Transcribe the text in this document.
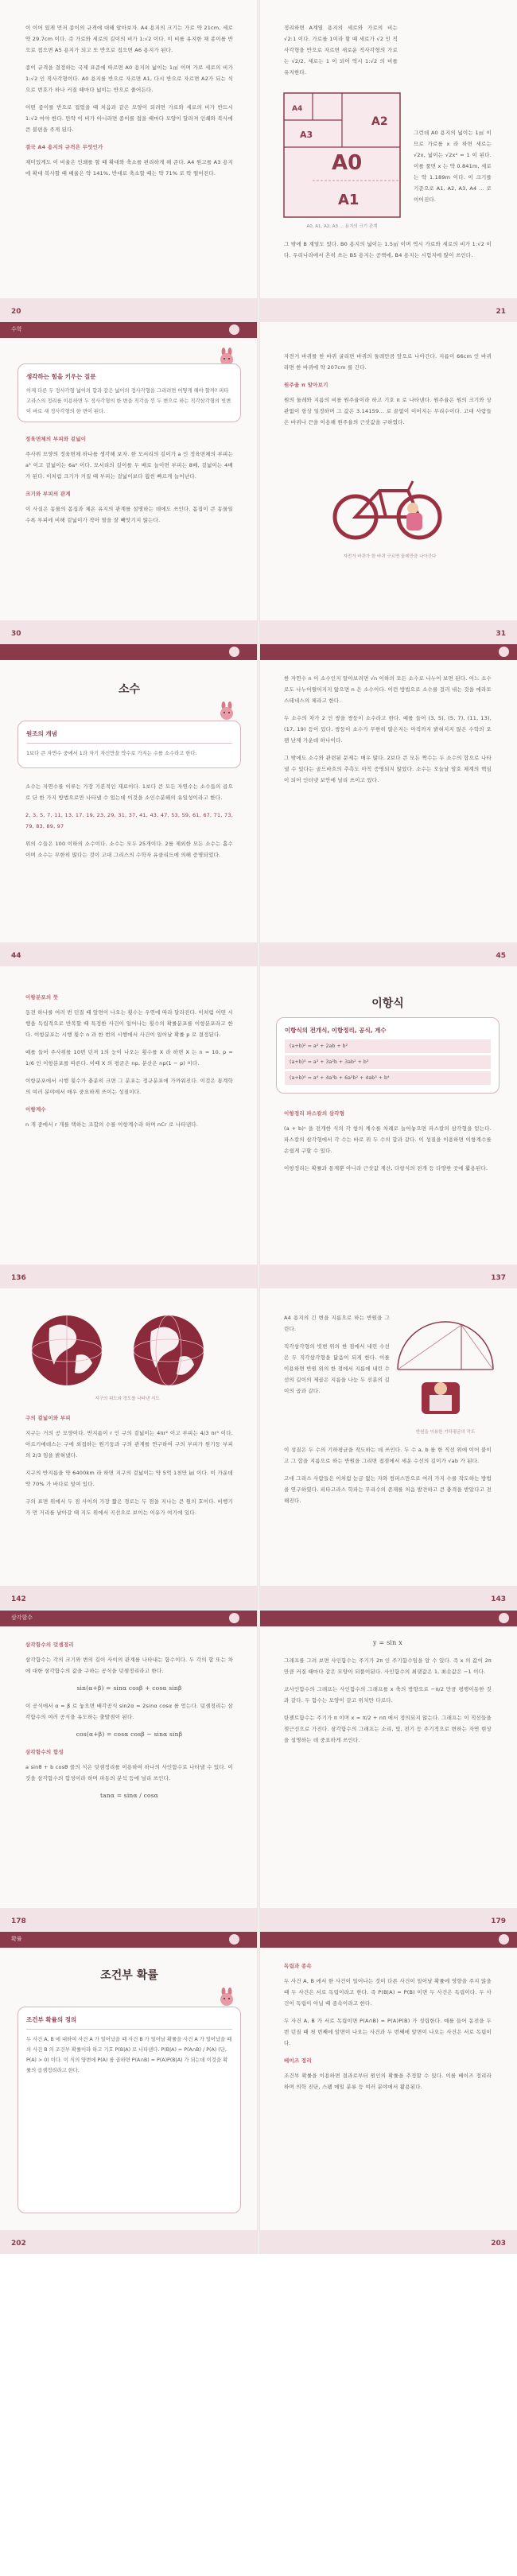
이 이어 있게 먼저 종이의 규격에 대해 알아보자. A4 용지의 크기는 가로 약 21cm, 세로 약 29.7cm 이다. 즉 가로와 세로의 길이의 비가 1:√2 이다. 이 비를 유지한 채 종이를 반으로 접으면 A5 용지가 되고 또 반으로 접으면 A6 용지가 된다.

종이 규격을 결정하는 국제 표준에 따르면 A0 용지의 넓이는 1㎡ 이며 가로 세로의 비가 1:√2 인 직사각형이다. A0 용지를 반으로 자르면 A1, 다시 반으로 자르면 A2가 되는 식으로 번호가 하나 커질 때마다 넓이는 반으로 줄어든다.

어떤 종이를 반으로 접었을 때 처음과 같은 모양이 되려면 가로와 세로의 비가 반드시 1:√2 여야 한다. 만약 이 비가 아니라면 종이를 접을 때마다 모양이 달라져 인쇄와 복사에 큰 불편을 주게 된다.

결국 A4 용지의 규격은 무엇인가

재미있게도 이 비율은 인쇄를 할 때 확대와 축소를 편리하게 해 준다. A4 원고를 A3 용지에 확대 복사할 때 배율은 약 141%, 반대로 축소할 때는 약 71% 로 딱 떨어진다.

20

정리하면 A계열 용지의 세로와 가로의 비는 √2:1 이다. 가로를 1이라 할 때 세로가 √2 인 직사각형을 반으로 자르면 새로운 직사각형의 가로는 √2/2, 세로는 1 이 되어 역시 1:√2 의 비를 유지한다.

그런데 A0 용지의 넓이는 1㎡ 이므로 가로를 x 라 하면 세로는 √2x, 넓이는 √2x² = 1 이 된다. 이를 풀면 x 는 약 0.841m, 세로는 약 1.189m 이다. 이 크기를 기준으로 A1, A2, A3, A4 ... 로 이어진다.

그 밖에 B 계열도 있다. B0 용지의 넓이는 1.5㎡ 이며 역시 가로와 세로의 비가 1:√2 이다. 우리나라에서 흔히 쓰는 B5 용지는 공책에, B4 용지는 시험지에 많이 쓰인다.

A2
A3
A4
A0
A1
A0, A1, A2, A3 ... 용지의 크기 관계
21
수학
생각하는 힘을 키우는 질문
이제 다른 두 정사각형 넓이의 합과 같은 넓이의 정사각형을 그리려면 어떻게 해야 할까? 피타고라스의 정리를 이용하면 두 정사각형의 한 변을 직각을 낀 두 변으로 하는 직각삼각형의 빗변이 바로 새 정사각형의 한 변이 된다.
정육면체의 부피와 겉넓이

주사위 모양의 정육면체 하나를 생각해 보자. 한 모서리의 길이가 a 인 정육면체의 부피는 a³ 이고 겉넓이는 6a² 이다. 모서리의 길이를 두 배로 늘이면 부피는 8배, 겉넓이는 4배가 된다. 이처럼 크기가 커질 때 부피는 겉넓이보다 훨씬 빠르게 늘어난다.

크기와 부피의 관계

이 사실은 동물의 몸집과 체온 유지의 관계를 설명하는 데에도 쓰인다. 몸집이 큰 동물일수록 부피에 비해 겉넓이가 작아 열을 잘 빼앗기지 않는다.

30

자전거 바퀴를 한 바퀴 굴리면 바퀴의 둘레만큼 앞으로 나아간다. 지름이 66cm 인 바퀴라면 한 바퀴에 약 207cm 를 간다.

원주율 π 알아보기

원의 둘레와 지름의 비를 원주율이라 하고 기호 π 로 나타낸다. 원주율은 원의 크기와 상관없이 항상 일정하며 그 값은 3.14159... 로 끝없이 이어지는 무리수이다. 고대 사람들은 바퀴나 끈을 이용해 원주율의 근삿값을 구하였다.

자전거 바퀴가 한 바퀴 구르면 둘레만큼 나아간다
31
소수
원조의 개념
1보다 큰 자연수 중에서 1과 자기 자신만을 약수로 가지는 수를 소수라고 한다.

소수는 자연수를 이루는 가장 기본적인 재료이다. 1보다 큰 모든 자연수는 소수들의 곱으로 단 한 가지 방법으로만 나타낼 수 있는데 이것을 소인수분해의 유일성이라고 한다.

2, 3, 5, 7, 11, 13, 17, 19, 23, 29, 31, 37, 41, 43, 47, 53, 59, 61, 67, 71, 73, 79, 83, 89, 97

위의 수들은 100 이하의 소수이다. 소수는 모두 25개이다. 2를 제외한 모든 소수는 홀수이며 소수는 무한히 많다는 것이 고대 그리스의 수학자 유클리드에 의해 증명되었다.

44

한 자연수 n 이 소수인지 알아보려면 √n 이하의 모든 소수로 나누어 보면 된다. 어느 소수로도 나누어떨어지지 않으면 n 은 소수이다. 이런 방법으로 소수를 걸러 내는 것을 에라토스테네스의 체라고 한다.

두 소수의 차가 2 인 쌍을 쌍둥이 소수라고 한다. 예를 들어 (3, 5), (5, 7), (11, 13), (17, 19) 등이 있다. 쌍둥이 소수가 무한히 많은지는 아직까지 밝혀지지 않은 수학의 오랜 난제 가운데 하나이다.

그 밖에도 소수와 관련된 문제는 매우 많다. 2보다 큰 모든 짝수는 두 소수의 합으로 나타낼 수 있다는 골드바흐의 추측도 아직 증명되지 않았다. 소수는 오늘날 암호 체계의 핵심이 되어 인터넷 보안에 널리 쓰이고 있다.

45
이항분포의 뜻

동전 하나를 여러 번 던질 때 앞면이 나오는 횟수는 우연에 따라 달라진다. 이처럼 어떤 시행을 독립적으로 반복할 때 특정한 사건이 일어나는 횟수의 확률분포를 이항분포라고 한다. 이항분포는 시행 횟수 n 과 한 번의 시행에서 사건이 일어날 확률 p 로 결정된다.

예를 들어 주사위를 10번 던져 1의 눈이 나오는 횟수를 X 라 하면 X 는 n = 10, p = 1/6 인 이항분포를 따른다. 이때 X 의 평균은 np, 분산은 np(1 − p) 이다.

이항분포에서 시행 횟수가 충분히 크면 그 분포는 정규분포에 가까워진다. 이것은 통계학의 여러 분야에서 매우 중요하게 쓰이는 성질이다.

이항계수

n 개 중에서 r 개를 택하는 조합의 수를 이항계수라 하며 nCr 로 나타낸다.

136
이항식
이항식의 전개식, 이항정리, 공식, 계수
(a+b)² = a² + 2ab + b²
(a+b)³ = a³ + 3a²b + 3ab² + b³
(a+b)⁴ = a⁴ + 4a³b + 6a²b² + 4ab³ + b⁴
이항정리 파스칼의 삼각형

(a + b)ⁿ 을 전개한 식의 각 항의 계수를 차례로 늘어놓으면 파스칼의 삼각형을 얻는다. 파스칼의 삼각형에서 각 수는 바로 위 두 수의 합과 같다. 이 성질을 이용하면 이항계수를 손쉽게 구할 수 있다.

이항정리는 확률과 통계뿐 아니라 근삿값 계산, 다항식의 전개 등 다양한 곳에 활용된다.

137
지구의 위도와 경도를 나타낸 지도
구의 겉넓이와 부피

지구는 거의 공 모양이다. 반지름이 r 인 구의 겉넓이는 4πr² 이고 부피는 4/3 πr³ 이다. 아르키메데스는 구에 외접하는 원기둥과 구의 관계를 연구하여 구의 부피가 원기둥 부피의 2/3 임을 밝혀냈다.

지구의 반지름을 약 6400km 라 하면 지구의 겉넓이는 약 5억 1천만 ㎢ 이다. 이 가운데 약 70% 가 바다로 덮여 있다.

구의 표면 위에서 두 점 사이의 가장 짧은 경로는 두 점을 지나는 큰 원의 호이다. 비행기가 먼 거리를 날아갈 때 지도 위에서 곡선으로 보이는 이유가 여기에 있다.

142

A4 용지의 긴 변을 지름으로 하는 반원을 그린다.

직각삼각형의 빗변 위의 한 점에서 내린 수선은 두 직각삼각형을 닮음이 되게 한다. 이를 이용하면 반원 위의 한 점에서 지름에 내린 수선의 길이의 제곱은 지름을 나눈 두 선분의 길이의 곱과 같다.

반원을 이용한 기하평균의 작도

이 성질은 두 수의 기하평균을 작도하는 데 쓰인다. 두 수 a, b 를 한 직선 위에 이어 붙이고 그 합을 지름으로 하는 반원을 그리면 접점에서 세운 수선의 길이가 √ab 가 된다.

고대 그리스 사람들은 이처럼 눈금 없는 자와 컴퍼스만으로 여러 가지 수를 작도하는 방법을 연구하였다. 피타고라스 학파는 무리수의 존재를 처음 발견하고 큰 충격을 받았다고 전해진다.

143
삼각함수
삼각함수의 덧셈정리

삼각함수는 각의 크기와 변의 길이 사이의 관계를 나타내는 함수이다. 두 각의 합 또는 차에 대한 삼각함수의 값을 구하는 공식을 덧셈정리라고 한다.

sin(α+β) = sinα cosβ + cosα sinβ

이 공식에서 α = β 로 놓으면 배각공식 sin2α = 2sinα cosα 를 얻는다. 덧셈정리는 삼각함수의 여러 공식을 유도하는 출발점이 된다.

cos(α+β) = cosα cosβ − sinα sinβ

삼각함수의 합성

a sinθ + b cosθ 꼴의 식은 덧셈정리를 이용하여 하나의 사인함수로 나타낼 수 있다. 이것을 삼각함수의 합성이라 하며 파동의 분석 등에 널리 쓰인다.

tanα = sinα / cosα

178

y = sin x

그래프를 그려 보면 사인함수는 주기가 2π 인 주기함수임을 알 수 있다. 즉 x 의 값이 2π 만큼 커질 때마다 같은 모양이 되풀이된다. 사인함수의 최댓값은 1, 최솟값은 −1 이다.

코사인함수의 그래프는 사인함수의 그래프를 x 축의 방향으로 −π/2 만큼 평행이동한 것과 같다. 두 함수는 모양이 같고 위치만 다르다.

탄젠트함수는 주기가 π 이며 x = π/2 + nπ 에서 정의되지 않는다. 그래프는 이 직선들을 점근선으로 가진다. 삼각함수의 그래프는 소리, 빛, 전기 등 주기적으로 변하는 자연 현상을 설명하는 데 중요하게 쓰인다.

179
확률
조건부 확률
조건부 확률의 정의
두 사건 A, B 에 대하여 사건 A 가 일어났을 때 사건 B 가 일어날 확률을 사건 A 가 일어났을 때의 사건 B 의 조건부 확률이라 하고 기호 P(B|A) 로 나타낸다. P(B|A) = P(A∩B) / P(A) (단, P(A) > 0) 이다. 이 식의 양변에 P(A) 를 곱하면 P(A∩B) = P(A)P(B|A) 가 되는데 이것을 확률의 곱셈정리라고 한다.
202
독립과 종속

두 사건 A, B 에서 한 사건이 일어나는 것이 다른 사건이 일어날 확률에 영향을 주지 않을 때 두 사건은 서로 독립이라고 한다. 즉 P(B|A) = P(B) 이면 두 사건은 독립이다. 두 사건이 독립이 아닐 때 종속이라고 한다.

두 사건 A, B 가 서로 독립이면 P(A∩B) = P(A)P(B) 가 성립한다. 예를 들어 동전을 두 번 던질 때 첫 번째에 앞면이 나오는 사건과 두 번째에 앞면이 나오는 사건은 서로 독립이다.

베이즈 정리

조건부 확률을 이용하면 결과로부터 원인의 확률을 추정할 수 있다. 이를 베이즈 정리라 하며 의학 진단, 스팸 메일 분류 등 여러 분야에서 활용된다.

203
